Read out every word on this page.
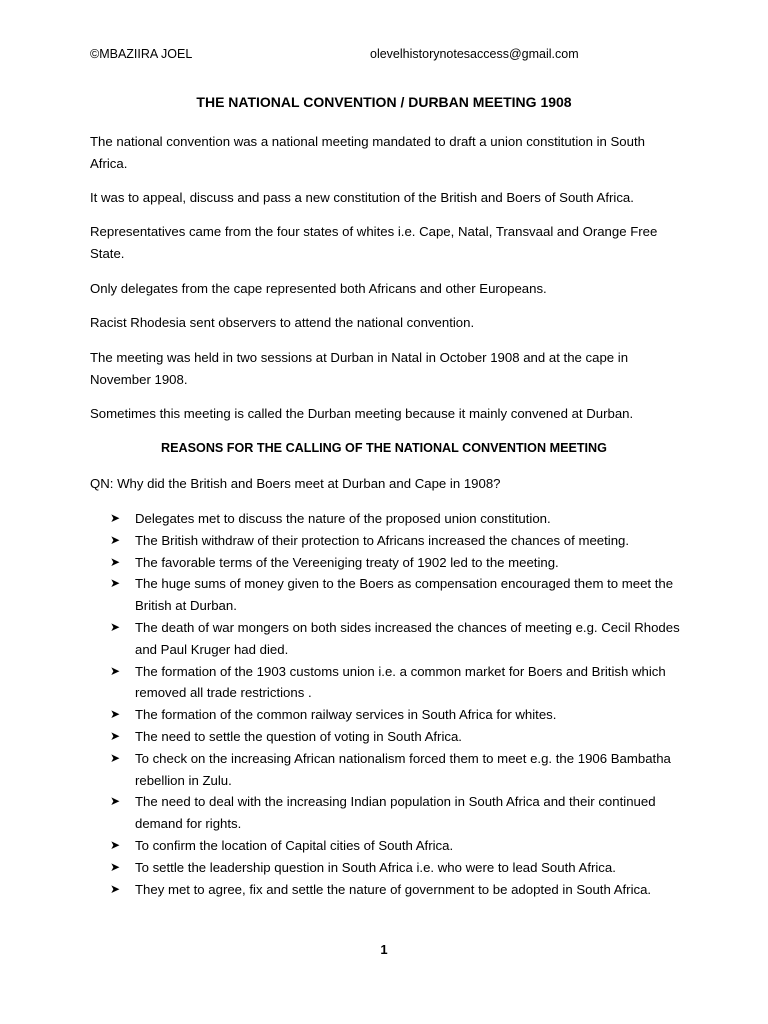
©MBAZIIRA JOEL	olevelhistorynotesaccess@gmail.com
THE NATIONAL CONVENTION / DURBAN MEETING 1908

The national convention was a national meeting mandated to draft a union constitution in South Africa.

It was to appeal, discuss and pass a new constitution of the British and Boers of South Africa.

Representatives came from the four states of whites i.e. Cape, Natal, Transvaal and Orange Free State.

Only delegates from the cape represented both Africans and other Europeans.

Racist Rhodesia sent observers to attend the national convention.

The meeting was held in two sessions at Durban in Natal in October 1908 and at the cape in November 1908.

Sometimes this meeting is called the Durban meeting because it mainly convened at Durban.

REASONS FOR THE CALLING OF THE NATIONAL CONVENTION MEETING

QN: Why did the British and Boers meet at Durban and Cape in 1908?

➤ Delegates met to discuss the nature of the proposed union constitution.
➤ The British withdraw of their protection to Africans increased the chances of meeting.
➤ The favorable terms of the Vereeniging treaty of 1902 led to the meeting.
➤ The huge sums of money given to the Boers as compensation encouraged them to meet the British at Durban.
➤ The death of war mongers on both sides increased the chances of meeting e.g. Cecil Rhodes and Paul Kruger had died.
➤ The formation of the 1903 customs union i.e. a common market for Boers and British which removed all trade restrictions .
➤ The formation of the common railway services in South Africa for whites.
➤ The need to settle the question of voting in South Africa.
➤ To check on the increasing African nationalism forced them to meet e.g. the 1906 Bambatha rebellion in Zulu.
➤ The need to deal with the increasing Indian population in South Africa and their continued demand for rights.
➤ To confirm the location of Capital cities of South Africa.
➤ To settle the leadership question in South Africa i.e. who were to lead South Africa.
➤ They met to agree, fix and settle the nature of government to be adopted in South Africa.
1
